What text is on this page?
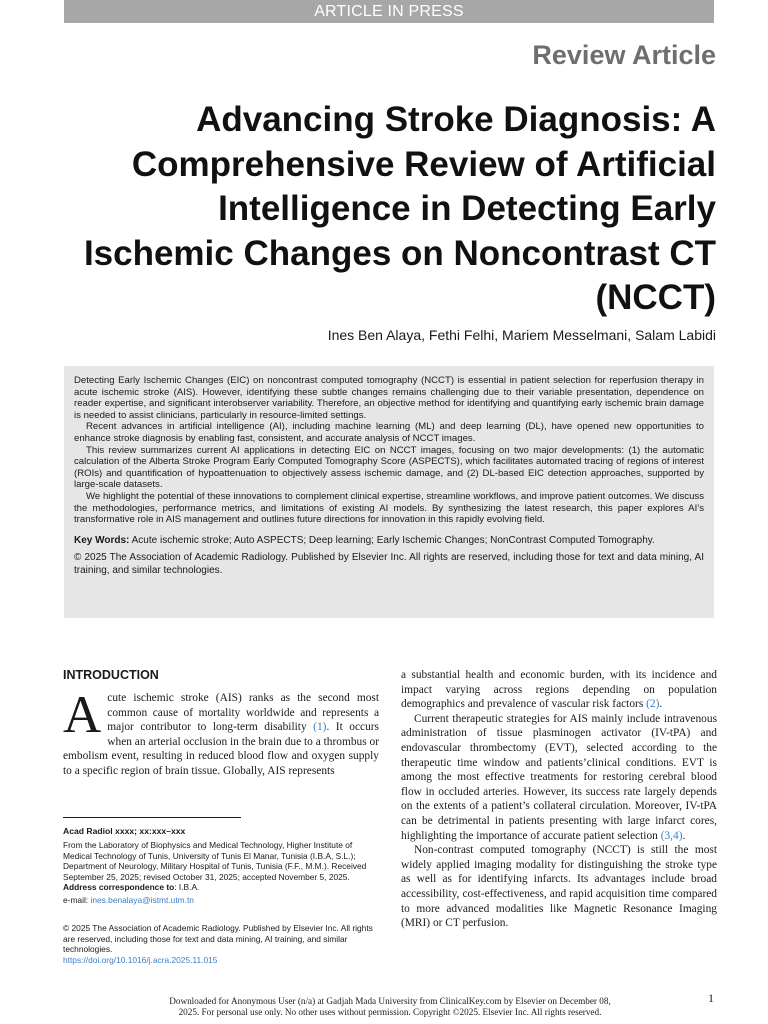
ARTICLE IN PRESS
Review Article
Advancing Stroke Diagnosis: A Comprehensive Review of Artificial Intelligence in Detecting Early Ischemic Changes on Noncontrast CT (NCCT)
Ines Ben Alaya , Fethi Felhi , Mariem Messelmani , Salam Labidi

Detecting Early Ischemic Changes (EIC) on noncontrast computed tomography (NCCT) is essential in patient selection for reperfusion therapy in acute ischemic stroke (AIS). However, identifying these subtle changes remains challenging due to their variable presentation, dependence on reader expertise, and significant interobserver variability. Therefore, an objective method for identifying and quantifying early ischemic brain damage is needed to assist clinicians, particularly in resource-limited settings.

Recent advances in artificial intelligence (AI), including machine learning (ML) and deep learning (DL), have opened new opportunities to enhance stroke diagnosis by enabling fast, consistent, and accurate analysis of NCCT images.

This review summarizes current AI applications in detecting EIC on NCCT images, focusing on two major developments: (1) the automatic calculation of the Alberta Stroke Program Early Computed Tomography Score (ASPECTS), which facilitates automated tracing of regions of interest (ROIs) and quantification of hypoattenuation to objectively assess ischemic damage, and (2) DL-based EIC detection approaches, supported by large-scale datasets.

We highlight the potential of these innovations to complement clinical expertise, streamline workflows, and improve patient outcomes. We discuss the methodologies, performance metrics, and limitations of existing AI models. By synthesizing the latest research, this paper explores AI’s transformative role in AIS management and outlines future directions for innovation in this rapidly evolving field.

Key Words: Acute ischemic stroke; Auto ASPECTS; Deep learning; Early Ischemic Changes; NonContrast Computed Tomography.

© 2025 The Association of Academic Radiology. Published by Elsevier Inc. All rights are reserved, including those for text and data mining, AI training, and similar technologies.

INTRODUCTION

Acute ischemic stroke (AIS) ranks as the second most common cause of mortality worldwide and represents a major contributor to long-term disability (1). It occurs when an arterial occlusion in the brain due to a thrombus or embolism event, resulting in reduced blood flow and oxygen supply to a specific region of brain tissue. Globally, AIS represents

Acad Radiol xxxx; xx:xxx–xxx
From the Laboratory of Biophysics and Medical Technology, Higher Institute of Medical Technology of Tunis, University of Tunis El Manar, Tunisia (I.B.A, S.L.); Department of Neurology, Military Hospital of Tunis, Tunisia (F.F., M.M.). Received September 25, 2025; revised October 31, 2025; accepted November 5, 2025. Address correspondence to: I.B.A.
e-mail: ines.benalaya@istmt.utm.tn
© 2025 The Association of Academic Radiology. Published by Elsevier Inc. All rights are reserved, including those for text and data mining, AI training, and similar technologies.
https://doi.org/10.1016/j.acra.2025.11.015

a substantial health and economic burden, with its incidence and impact varying across regions depending on population demographics and prevalence of vascular risk factors (2).

Current therapeutic strategies for AIS mainly include intravenous administration of tissue plasminogen activator (IV-tPA) and endovascular thrombectomy (EVT), selected according to the therapeutic time window and patients’clinical conditions. EVT is among the most effective treatments for restoring cerebral blood flow in occluded arteries. However, its success rate largely depends on the extents of a patient’s collateral circulation. Moreover, IV-tPA can be detrimental in patients presenting with large infarct cores, highlighting the importance of accurate patient selection (3,4).

Non-contrast computed tomography (NCCT) is still the most widely applied imaging modality for distinguishing the stroke type as well as for identifying infarcts. Its advantages include broad accessibility, cost-effectiveness, and rapid acquisition time compared to more advanced modalities like Magnetic Resonance Imaging (MRI) or CT perfusion.

Downloaded for Anonymous User (n/a) at Gadjah Mada University from ClinicalKey.com by Elsevier on December 08,
2025. For personal use only. No other uses without permission. Copyright ©2025. Elsevier Inc. All rights reserved.
1
